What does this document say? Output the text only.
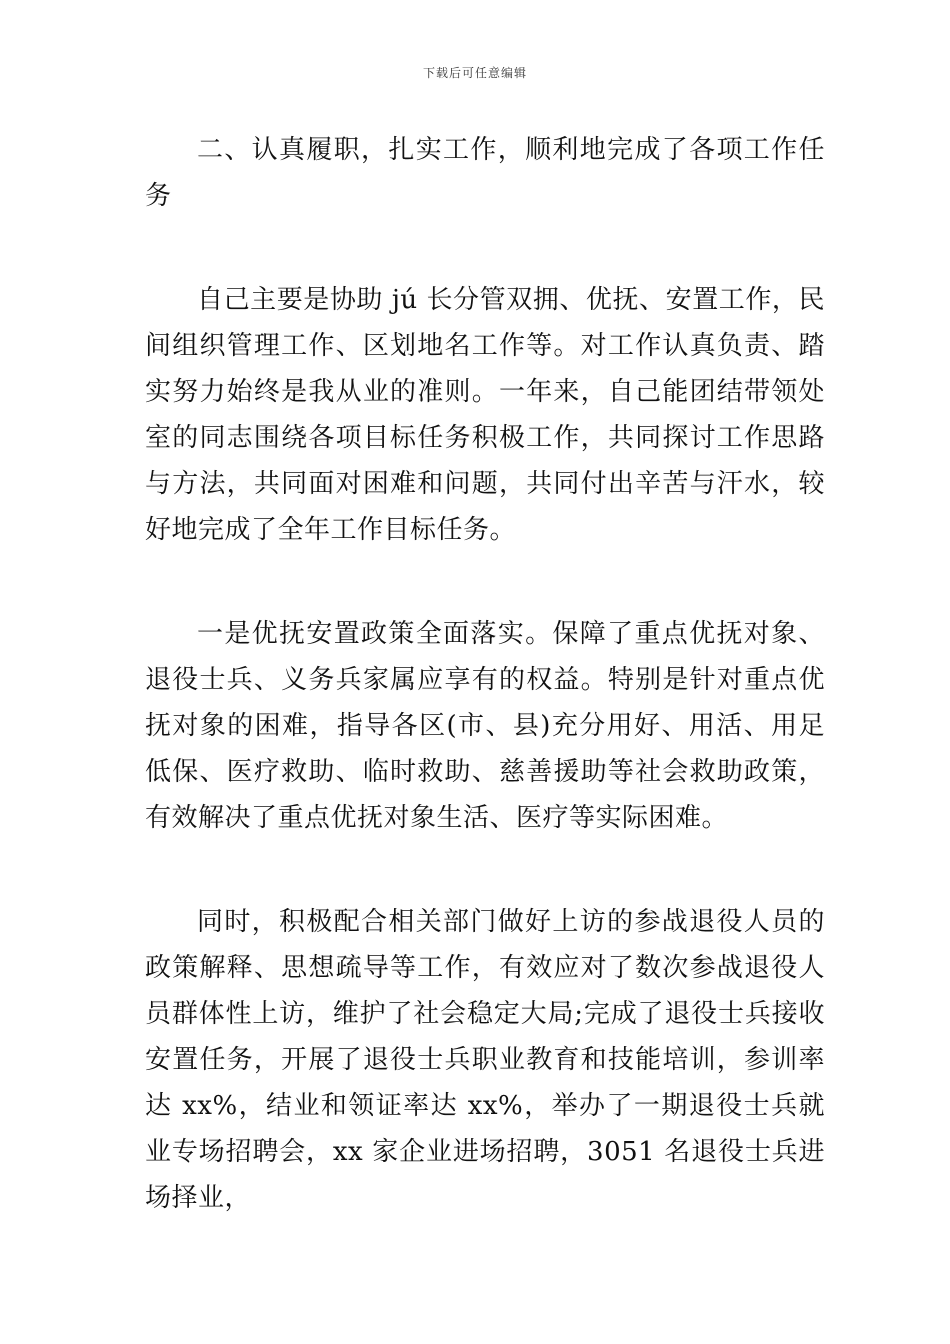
下载后可任意编辑

二、认真履职，扎实工作，顺利地完成了各项工作任务

自己主要是协助 jú 长分管双拥、优抚、安置工作，民间组织管理工作、区划地名工作等。对工作认真负责、踏实努力始终是我从业的准则。一年来，自己能团结带领处室的同志围绕各项目标任务积极工作，共同探讨工作思路与方法，共同面对困难和问题，共同付出辛苦与汗水，较好地完成了全年工作目标任务。

一是优抚安置政策全面落实。保障了重点优抚对象、退役士兵、义务兵家属应享有的权益。特别是针对重点优抚对象的困难，指导各区(市、县)充分用好、用活、用足低保、医疗救助、临时救助、慈善援助等社会救助政策，有效解决了重点优抚对象生活、医疗等实际困难。

同时，积极配合相关部门做好上访的参战退役人员的政策解释、思想疏导等工作，有效应对了数次参战退役人员群体性上访，维护了社会稳定大局;完成了退役士兵接收安置任务，开展了退役士兵职业教育和技能培训，参训率达 xx%，结业和领证率达 xx%，举办了一期退役士兵就业专场招聘会，xx 家企业进场招聘，3051 名退役士兵进场择业，
